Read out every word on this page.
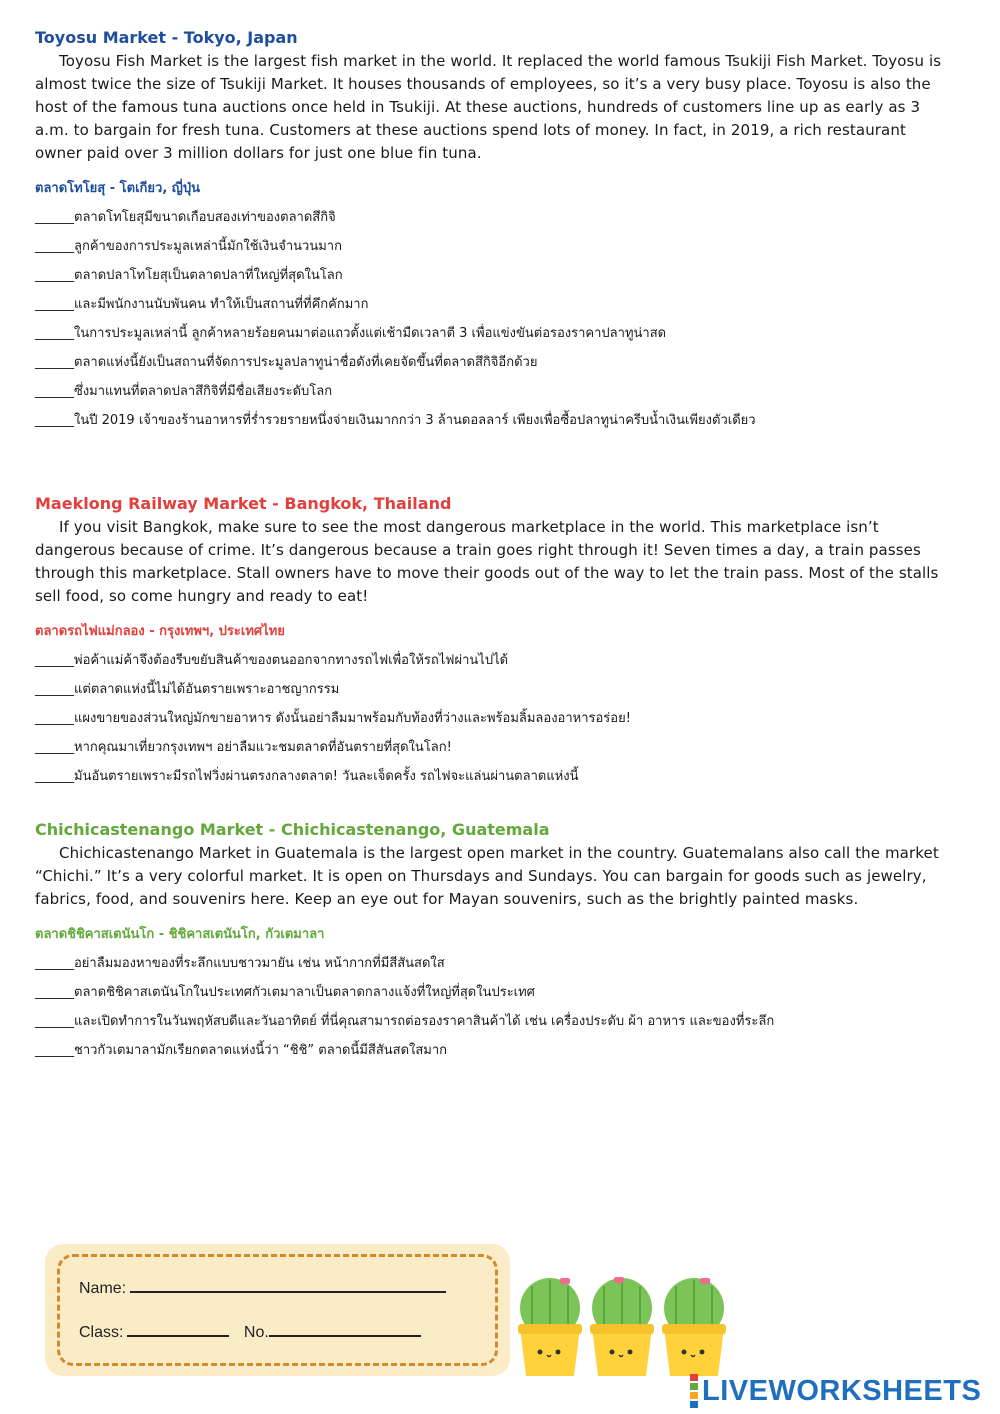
Toyosu Market - Tokyo, Japan

Toyosu Fish Market is the largest fish market in the world. It replaced the world famous Tsukiji Fish Market. Toyosu is almost twice the size of Tsukiji Market. It houses thousands of employees, so it’s a very busy place. Toyosu is also the host of the famous tuna auctions once held in Tsukiji. At these auctions, hundreds of customers line up as early as 3 a.m. to bargain for fresh tuna. Customers at these auctions spend lots of money. In fact, in 2019, a rich restaurant owner paid over 3 million dollars for just one blue fin tuna.

ตลาดโทโยสุ - โตเกียว, ญี่ปุ่น
______ ตลาดโทโยสุมีขนาดเกือบสองเท่าของตลาดสึกิจิ
______ ลูกค้าของการประมูลเหล่านี้มักใช้เงินจำนวนมาก
______ ตลาดปลาโทโยสุเป็นตลาดปลาที่ใหญ่ที่สุดในโลก
______ และมีพนักงานนับพันคน ทำให้เป็นสถานที่ที่คึกคักมาก
______ ในการประมูลเหล่านี้ ลูกค้าหลายร้อยคนมาต่อแถวตั้งแต่เช้ามืดเวลาตี 3 เพื่อแข่งขันต่อรองราคาปลาทูน่าสด
______ ตลาดแห่งนี้ยังเป็นสถานที่จัดการประมูลปลาทูน่าชื่อดังที่เคยจัดขึ้นที่ตลาดสึกิจิอีกด้วย
______ ซึ่งมาแทนที่ตลาดปลาสึกิจิที่มีชื่อเสียงระดับโลก
______ ในปี 2019 เจ้าของร้านอาหารที่ร่ำรวยรายหนึ่งจ่ายเงินมากกว่า 3 ล้านดอลลาร์ เพียงเพื่อซื้อปลาทูน่าครีบน้ำเงินเพียงตัวเดียว
Maeklong Railway Market - Bangkok, Thailand

If you visit Bangkok, make sure to see the most dangerous marketplace in the world. This marketplace isn’t dangerous because of crime. It’s dangerous because a train goes right through it! Seven times a day, a train passes through this marketplace. Stall owners have to move their goods out of the way to let the train pass. Most of the stalls sell food, so come hungry and ready to eat!

ตลาดรถไฟแม่กลอง - กรุงเทพฯ, ประเทศไทย
______ พ่อค้าแม่ค้าจึงต้องรีบขยับสินค้าของตนออกจากทางรถไฟเพื่อให้รถไฟผ่านไปได้
______ แต่ตลาดแห่งนี้ไม่ได้อันตรายเพราะอาชญากรรม
______ แผงขายของส่วนใหญ่มักขายอาหาร ดังนั้นอย่าลืมมาพร้อมกับท้องที่ว่างและพร้อมลิ้มลองอาหารอร่อย!
______ หากคุณมาเที่ยวกรุงเทพฯ อย่าลืมแวะชมตลาดที่อันตรายที่สุดในโลก!
______ มันอันตรายเพราะมีรถไฟวิ่งผ่านตรงกลางตลาด! วันละเจ็ดครั้ง รถไฟจะแล่นผ่านตลาดแห่งนี้
Chichicastenango Market - Chichicastenango, Guatemala

Chichicastenango Market in Guatemala is the largest open market in the country. Guatemalans also call the market “Chichi.” It’s a very colorful market. It is open on Thursdays and Sundays. You can bargain for goods such as jewelry, fabrics, food, and souvenirs here. Keep an eye out for Mayan souvenirs, such as the brightly painted masks.

ตลาดชิชิคาสเตนันโก - ชิชิคาสเตนันโก, กัวเตมาลา
______ อย่าลืมมองหาของที่ระลึกแบบชาวมายัน เช่น หน้ากากที่มีสีสันสดใส
______ ตลาดชิชิคาสเตนันโกในประเทศกัวเตมาลาเป็นตลาดกลางแจ้งที่ใหญ่ที่สุดในประเทศ
______ และเปิดทำการในวันพฤหัสบดีและวันอาทิตย์ ที่นี่คุณสามารถต่อรองราคาสินค้าได้ เช่น เครื่องประดับ ผ้า อาหาร และของที่ระลึก
______ ชาวกัวเตมาลามักเรียกตลาดแห่งนี้ว่า “ชิชิ” ตลาดนี้มีสีสันสดใสมาก
Name:
Class:	No.
LIVEWORKSHEETS
